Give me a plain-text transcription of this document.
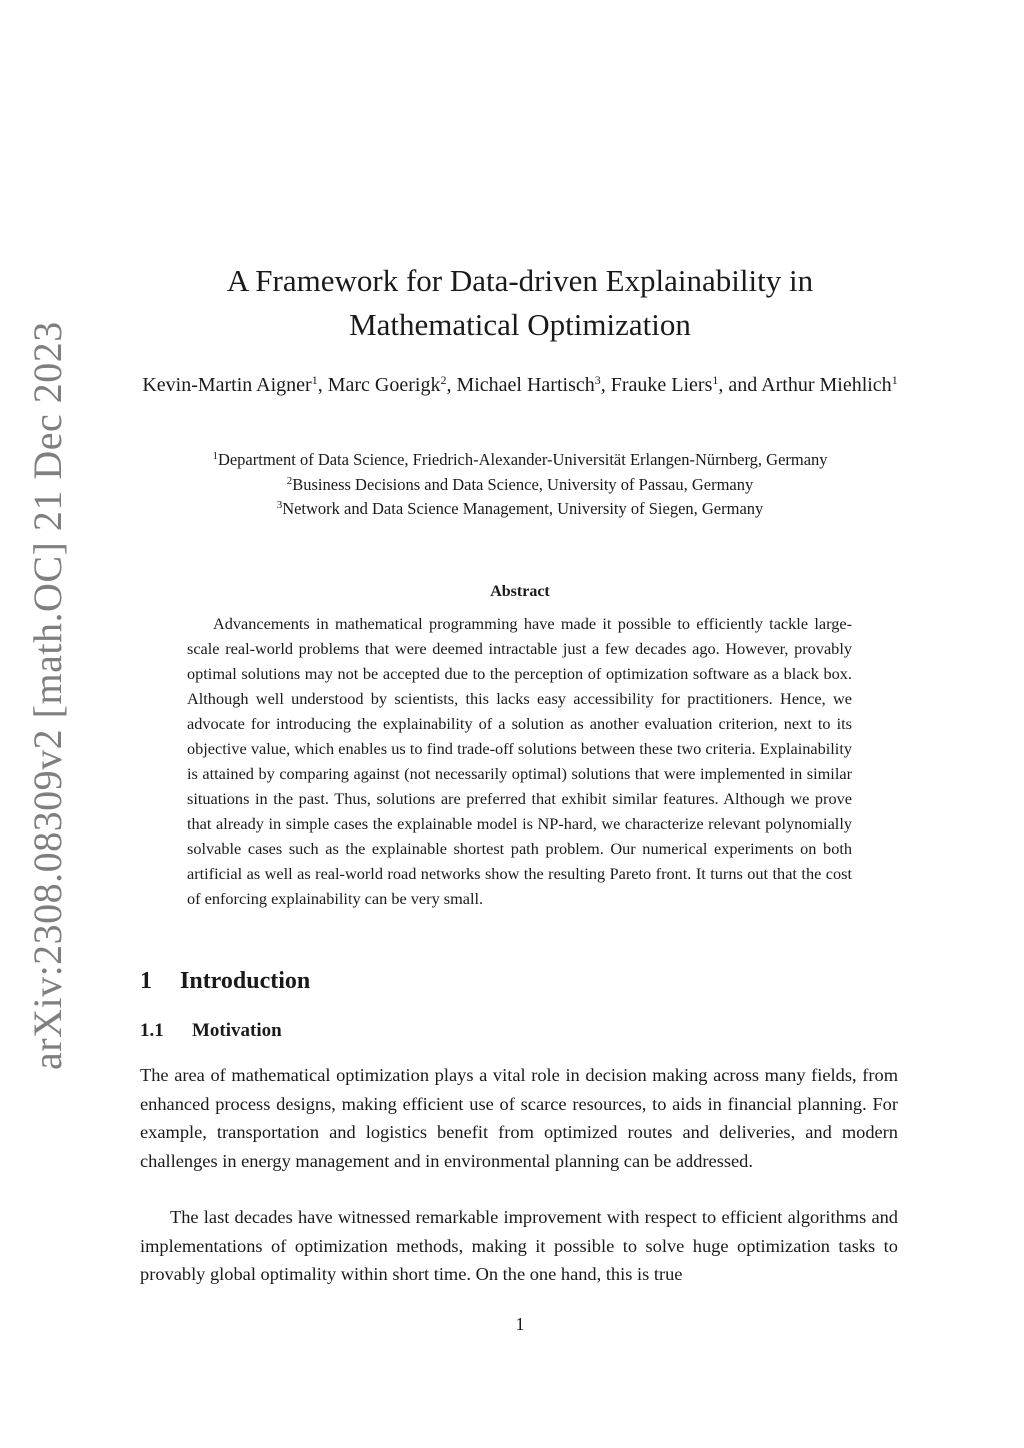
arXiv:2308.08309v2 [math.OC] 21 Dec 2023
A Framework for Data-driven Explainability in Mathematical Optimization
Kevin-Martin Aigner$^1$, Marc Goerigk$^2$, Michael Hartisch$^3$, Frauke Liers$^1$, and Arthur Miehlich$^1$
$^1$Department of Data Science, Friedrich-Alexander-Universität Erlangen-Nürnberg, Germany
$^2$Business Decisions and Data Science, University of Passau, Germany
$^3$Network and Data Science Management, University of Siegen, Germany
Abstract

Advancements in mathematical programming have made it possible to efficiently tackle large-scale real-world problems that were deemed intractable just a few decades ago. However, provably optimal solutions may not be accepted due to the perception of optimization software as a black box. Although well understood by scientists, this lacks easy accessibility for practitioners. Hence, we advocate for introducing the explainability of a solution as another evaluation criterion, next to its objective value, which enables us to find trade-off solutions between these two criteria. Explainability is attained by comparing against (not necessarily optimal) solutions that were implemented in similar situations in the past. Thus, solutions are preferred that exhibit similar features. Although we prove that already in simple cases the explainable model is NP-hard, we characterize relevant polynomially solvable cases such as the explainable shortest path problem. Our numerical experiments on both artificial as well as real-world road networks show the resulting Pareto front. It turns out that the cost of enforcing explainability can be very small.

1 Introduction
1.1 Motivation

The area of mathematical optimization plays a vital role in decision making across many fields, from enhanced process designs, making efficient use of scarce resources, to aids in financial planning. For example, transportation and logistics benefit from optimized routes and deliveries, and modern challenges in energy management and in environmental planning can be addressed.

The last decades have witnessed remarkable improvement with respect to efficient algorithms and implementations of optimization methods, making it possible to solve huge optimization tasks to provably global optimality within short time. On the one hand, this is true

1
